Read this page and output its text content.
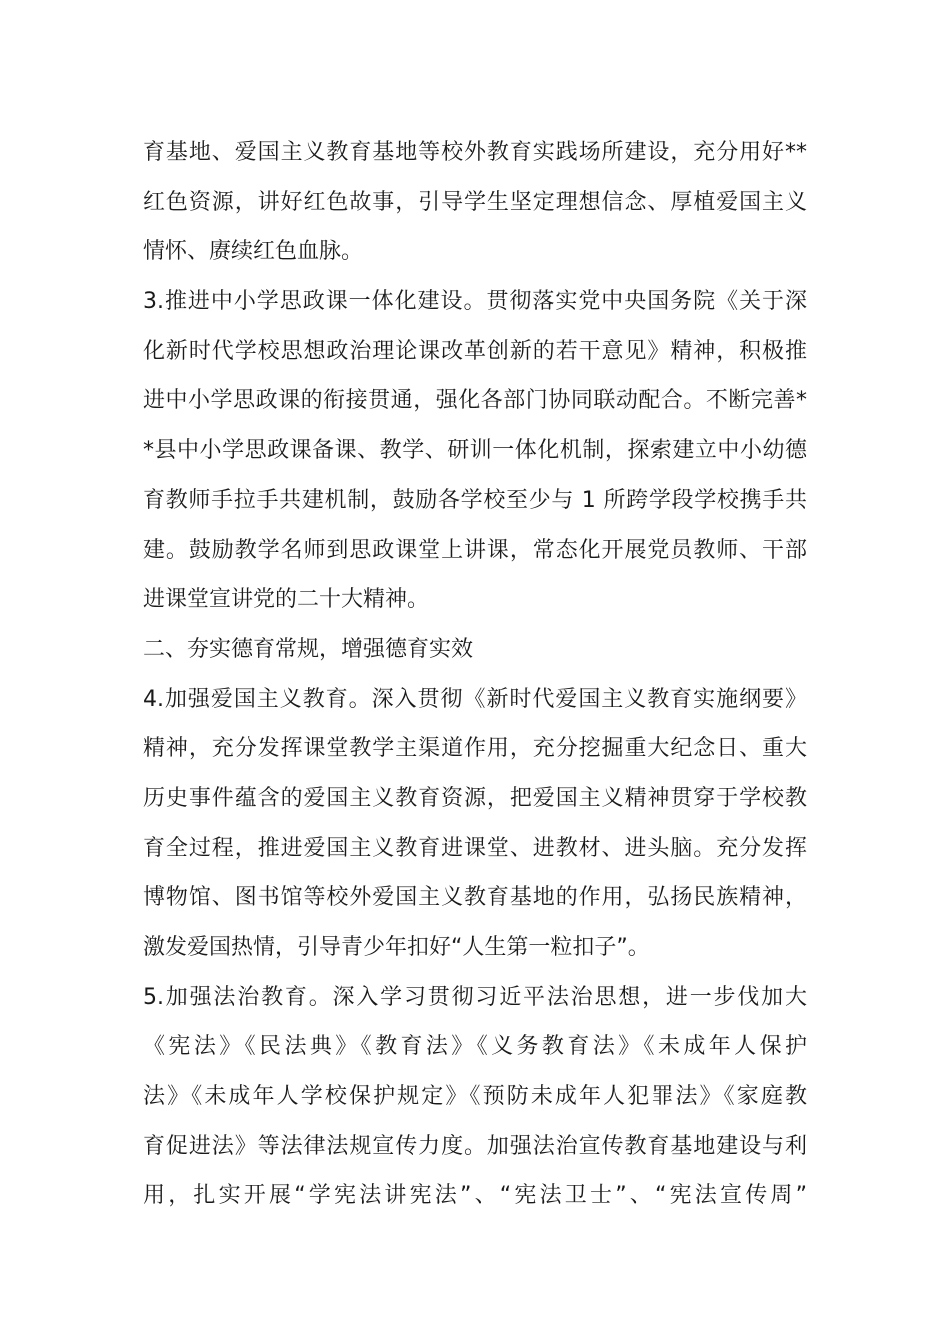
育基地、爱国主义教育基地等校外教育实践场所建设，充分用好**
红色资源，讲好红色故事，引导学生坚定理想信念、厚植爱国主义
情怀、赓续红色血脉。
3.推进中小学思政课一体化建设。贯彻落实党中央国务院《关于深
化新时代学校思想政治理论课改革创新的若干意见》精神，积极推
进中小学思政课的衔接贯通，强化各部门协同联动配合。不断完善*
*县中小学思政课备课、教学、研训一体化机制，探索建立中小幼德
育教师手拉手共建机制，鼓励各学校至少与 1 所跨学段学校携手共
建。鼓励教学名师到思政课堂上讲课，常态化开展党员教师、干部
进课堂宣讲党的二十大精神。
二、夯实德育常规，增强德育实效
4.加强爱国主义教育。深入贯彻《新时代爱国主义教育实施纲要》
精神，充分发挥课堂教学主渠道作用，充分挖掘重大纪念日、重大
历史事件蕴含的爱国主义教育资源，把爱国主义精神贯穿于学校教
育全过程，推进爱国主义教育进课堂、进教材、进头脑。充分发挥
博物馆、图书馆等校外爱国主义教育基地的作用，弘扬民族精神，
激发爱国热情，引导青少年扣好“人生第一粒扣子”。
5.加强法治教育。深入学习贯彻习近平法治思想，进一步伐加大
《宪法》《民法典》《教育法》《义务教育法》《未成年人保护
法》《未成年人学校保护规定》《预防未成年人犯罪法》《家庭教
育促进法》等法律法规宣传力度。加强法治宣传教育基地建设与利
用，扎实开展“学宪法讲宪法”、“宪法卫士”、“宪法宣传周”
